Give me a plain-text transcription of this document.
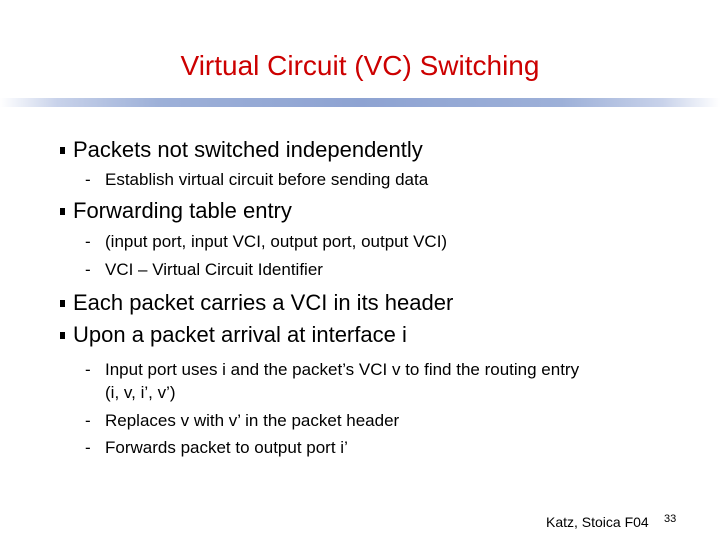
Virtual Circuit (VC) Switching
Packets not switched independently
- Establish virtual circuit before sending data
Forwarding table entry
- (input port, input VCI, output port, output VCI)
- VCI – Virtual Circuit Identifier
Each packet carries a VCI in its header
Upon a packet arrival at interface i
- Input port uses i and the packet’s VCI v to find the routing entry
(i, v, i’, v’)
- Replaces v with v’ in the packet header
- Forwards packet to output port i’
Katz, Stoica F04 33
